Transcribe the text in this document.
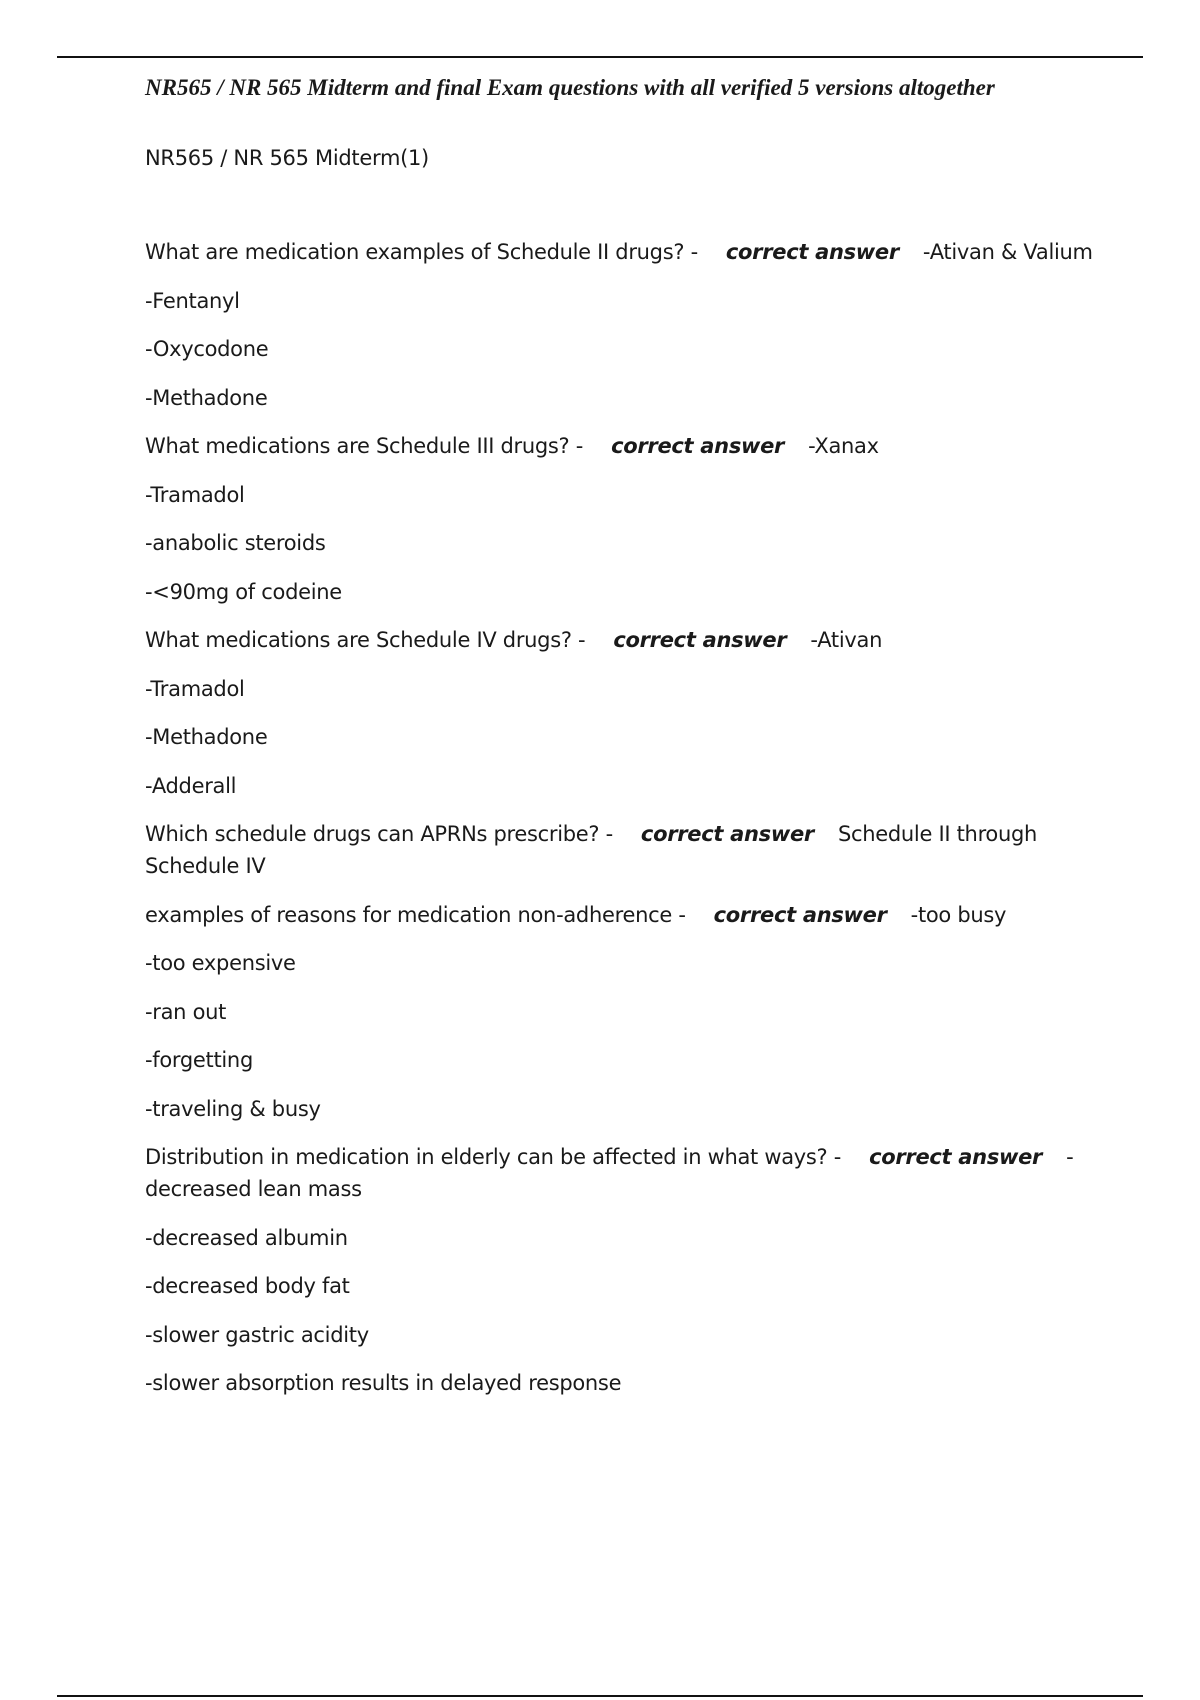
NR565 / NR 565 Midterm and final Exam questions with all verified 5 versions altogether
NR565 / NR 565 Midterm(1)
What are medication examples of Schedule II drugs? - correct answer -Ativan & Valium
-Fentanyl
-Oxycodone
-Methadone
What medications are Schedule III drugs? - correct answer -Xanax
-Tramadol
-anabolic steroids
-<90mg of codeine
What medications are Schedule IV drugs? - correct answer -Ativan
-Tramadol
-Methadone
-Adderall
Which schedule drugs can APRNs prescribe? - correct answer Schedule II through Schedule IV
examples of reasons for medication non-adherence - correct answer -too busy
-too expensive
-ran out
-forgetting
-traveling & busy
Distribution in medication in elderly can be affected in what ways? - correct answer -decreased lean mass
-decreased albumin
-decreased body fat
-slower gastric acidity
-slower absorption results in delayed response
